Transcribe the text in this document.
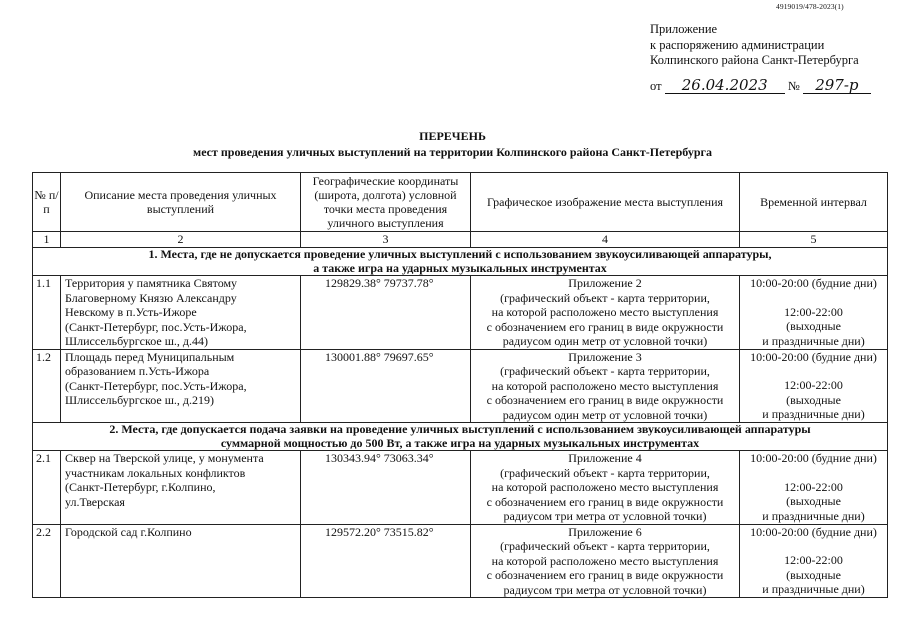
4919019/478-2023(1)
Приложение
к распоряжению администрации
Колпинского района Санкт-Петербурга
от 26.04.2023 № 297-р
ПЕРЕЧЕНЬ
мест проведения уличных выступлений на территории Колпинского района Санкт-Петербурга
№ п/п	Описание места проведения уличных выступлений	Географические координаты (широта, долгота) условной точки места проведения уличного выступления	Графическое изображение места выступления	Временной интервал
1	2	3	4	5

1. Места, где не допускается проведение уличных выступлений с использованием звукоусиливающей аппаратуры,
а также игра на ударных музыкальных инструментах				

1.1	Территория у памятника Святому
Благоверному Князю Александру
Невскому в п.Усть-Ижоре
(Санкт-Петербург, пос.Усть-Ижора,
Шлиссельбургское ш., д.44)	129829.38° 79737.78°	Приложение 2
(графический объект - карта территории,
на которой расположено место выступления
с обозначением его границ в виде окружности
радиусом один метр от условной точки)	10:00-20:00 (будние дни)
12:00-22:00
(выходные
и праздничные дни)

1.2	Площадь перед Муниципальным
образованием п.Усть-Ижора
(Санкт-Петербург, пос.Усть-Ижора,
Шлиссельбургское ш., д.219)	130001.88° 79697.65°	Приложение 3
(графический объект - карта территории,
на которой расположено место выступления
с обозначением его границ в виде окружности
радиусом один метр от условной точки)	10:00-20:00 (будние дни)
12:00-22:00
(выходные
и праздничные дни)

2. Места, где допускается подача заявки на проведение уличных выступлений с использованием звукоусиливающей аппаратуры
суммарной мощностью до 500 Вт, а также игра на ударных музыкальных инструментах				

2.1	Сквер на Тверской улице, у монумента
участникам локальных конфликтов
(Санкт-Петербург, г.Колпино,
ул.Тверская	130343.94° 73063.34°	Приложение 4
(графический объект - карта территории,
на которой расположено место выступления
с обозначением его границ в виде окружности
радиусом три метра от условной точки)	10:00-20:00 (будние дни)
12:00-22:00
(выходные
и праздничные дни)

2.2	Городской сад г.Колпино	129572.20° 73515.82°	Приложение 6
(графический объект - карта территории,
на которой расположено место выступления
с обозначением его границ в виде окружности
радиусом три метра от условной точки)	10:00-20:00 (будние дни)
12:00-22:00
(выходные
и праздничные дни)
